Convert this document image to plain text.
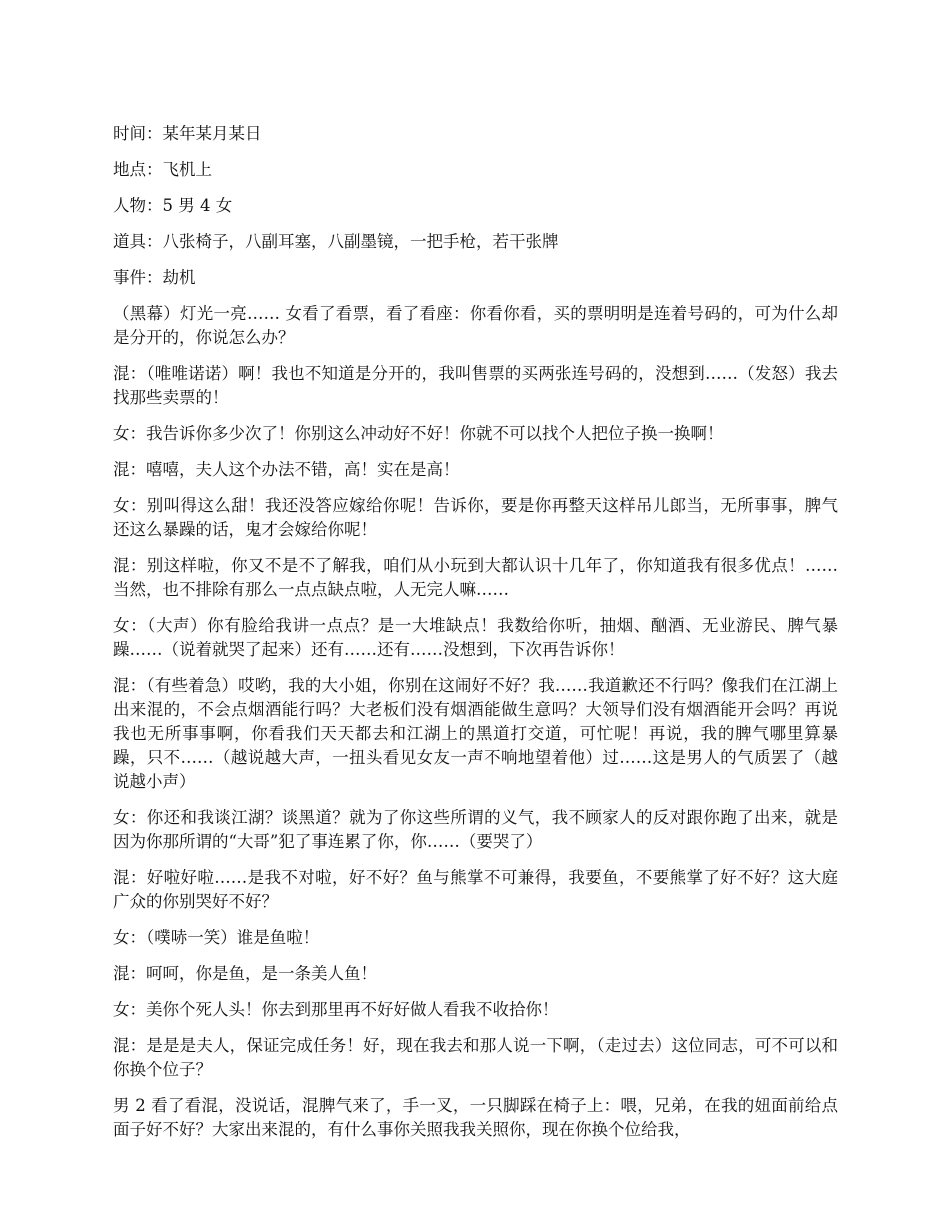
时间：某年某月某日

地点：飞机上

人物：5 男 4 女

道具：八张椅子，八副耳塞，八副墨镜，一把手枪，若干张牌

事件：劫机

（黑幕）灯光一亮…… 女看了看票，看了看座：你看你看，买的票明明是连着号码的，可为什么却是分开的，你说怎么办？

混：（唯唯诺诺）啊！我也不知道是分开的，我叫售票的买两张连号码的，没想到……（发怒）我去找那些卖票的！

女：我告诉你多少次了！你别这么冲动好不好！你就不可以找个人把位子换一换啊！

混：嘻嘻，夫人这个办法不错，高！实在是高！

女：别叫得这么甜！我还没答应嫁给你呢！告诉你，要是你再整天这样吊儿郎当，无所事事，脾气还这么暴躁的话，鬼才会嫁给你呢！

混：别这样啦，你又不是不了解我，咱们从小玩到大都认识十几年了，你知道我有很多优点！……当然，也不排除有那么一点点缺点啦，人无完人嘛……

女：（大声）你有脸给我讲一点点？是一大堆缺点！我数给你听，抽烟、酗酒、无业游民、脾气暴躁……（说着就哭了起来）还有……还有……没想到，下次再告诉你！

混：（有些着急）哎哟，我的大小姐，你别在这闹好不好？我……我道歉还不行吗？像我们在江湖上出来混的，不会点烟酒能行吗？大老板们没有烟酒能做生意吗？大领导们没有烟酒能开会吗？再说我也无所事事啊，你看我们天天都去和江湖上的黑道打交道，可忙呢！再说，我的脾气哪里算暴躁，只不……（越说越大声，一扭头看见女友一声不响地望着他）过……这是男人的气质罢了（越说越小声）

女：你还和我谈江湖？谈黑道？就为了你这些所谓的义气，我不顾家人的反对跟你跑了出来，就是因为你那所谓的“大哥”犯了事连累了你，你……（要哭了）

混：好啦好啦……是我不对啦，好不好？鱼与熊掌不可兼得，我要鱼，不要熊掌了好不好？这大庭广众的你别哭好不好？

女：（噗哧一笑）谁是鱼啦！

混：呵呵，你是鱼，是一条美人鱼！

女：美你个死人头！你去到那里再不好好做人看我不收拾你！

混：是是是夫人，保证完成任务！好，现在我去和那人说一下啊，（走过去）这位同志，可不可以和你换个位子？

男 2 看了看混，没说话，混脾气来了，手一叉，一只脚踩在椅子上：喂，兄弟，在我的妞面前给点面子好不好？大家出来混的，有什么事你关照我我关照你，现在你换个位给我，
